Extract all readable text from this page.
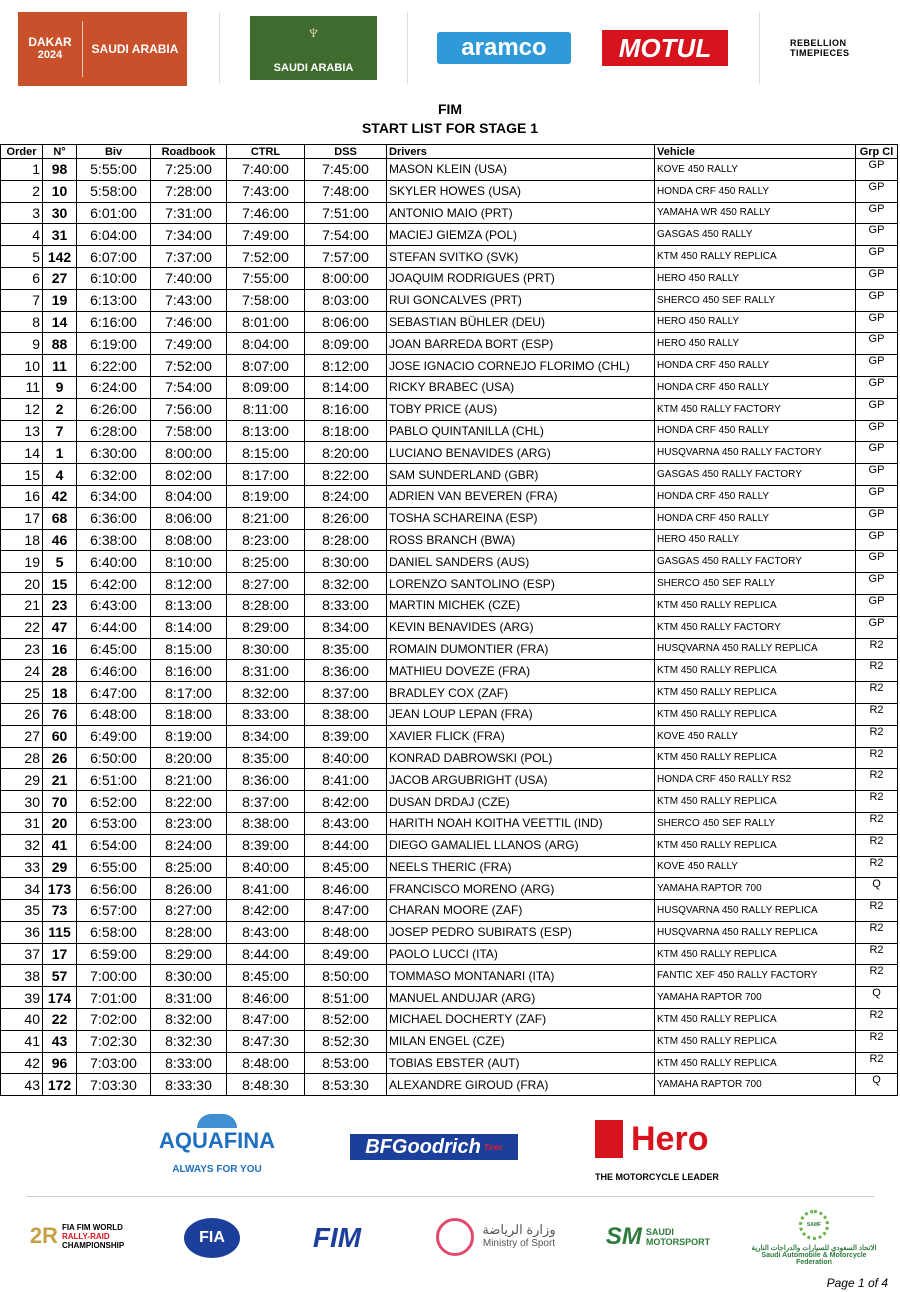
DAKAR
2024	SAUDI ARABIA
♆
SAUDI ARABIA
aramco	MOTUL	REBELLION TIMEPIECES
FIM
START LIST FOR STAGE 1
Order	N°	Biv	Roadbook	CTRL	DSS	Drivers	Vehicle	Grp Cl
1	98	5:55:00	7:25:00	7:40:00	7:45:00	MASON KLEIN (USA)	KOVE 450 RALLY	GP
2	10	5:58:00	7:28:00	7:43:00	7:48:00	SKYLER HOWES (USA)	HONDA CRF 450 RALLY	GP
3	30	6:01:00	7:31:00	7:46:00	7:51:00	ANTONIO MAIO (PRT)	YAMAHA WR 450 RALLY	GP
4	31	6:04:00	7:34:00	7:49:00	7:54:00	MACIEJ GIEMZA (POL)	GASGAS 450 RALLY	GP
5	142	6:07:00	7:37:00	7:52:00	7:57:00	STEFAN SVITKO (SVK)	KTM 450 RALLY REPLICA	GP
6	27	6:10:00	7:40:00	7:55:00	8:00:00	JOAQUIM RODRIGUES (PRT)	HERO 450 RALLY	GP
7	19	6:13:00	7:43:00	7:58:00	8:03:00	RUI GONCALVES (PRT)	SHERCO 450 SEF RALLY	GP
8	14	6:16:00	7:46:00	8:01:00	8:06:00	SEBASTIAN BÜHLER (DEU)	HERO 450 RALLY	GP
9	88	6:19:00	7:49:00	8:04:00	8:09:00	JOAN BARREDA BORT (ESP)	HERO 450 RALLY	GP
10	11	6:22:00	7:52:00	8:07:00	8:12:00	JOSE IGNACIO CORNEJO FLORIMO (CHL)	HONDA CRF 450 RALLY	GP
11	9	6:24:00	7:54:00	8:09:00	8:14:00	RICKY BRABEC (USA)	HONDA CRF 450 RALLY	GP
12	2	6:26:00	7:56:00	8:11:00	8:16:00	TOBY PRICE (AUS)	KTM 450 RALLY FACTORY	GP
13	7	6:28:00	7:58:00	8:13:00	8:18:00	PABLO QUINTANILLA (CHL)	HONDA CRF 450 RALLY	GP
14	1	6:30:00	8:00:00	8:15:00	8:20:00	LUCIANO BENAVIDES (ARG)	HUSQVARNA 450 RALLY FACTORY	GP
15	4	6:32:00	8:02:00	8:17:00	8:22:00	SAM SUNDERLAND (GBR)	GASGAS 450 RALLY FACTORY	GP
16	42	6:34:00	8:04:00	8:19:00	8:24:00	ADRIEN VAN BEVEREN (FRA)	HONDA CRF 450 RALLY	GP
17	68	6:36:00	8:06:00	8:21:00	8:26:00	TOSHA SCHAREINA (ESP)	HONDA CRF 450 RALLY	GP
18	46	6:38:00	8:08:00	8:23:00	8:28:00	ROSS BRANCH (BWA)	HERO 450 RALLY	GP
19	5	6:40:00	8:10:00	8:25:00	8:30:00	DANIEL SANDERS (AUS)	GASGAS 450 RALLY FACTORY	GP
20	15	6:42:00	8:12:00	8:27:00	8:32:00	LORENZO SANTOLINO (ESP)	SHERCO 450 SEF RALLY	GP
21	23	6:43:00	8:13:00	8:28:00	8:33:00	MARTIN MICHEK (CZE)	KTM 450 RALLY REPLICA	GP
22	47	6:44:00	8:14:00	8:29:00	8:34:00	KEVIN BENAVIDES (ARG)	KTM 450 RALLY FACTORY	GP
23	16	6:45:00	8:15:00	8:30:00	8:35:00	ROMAIN DUMONTIER (FRA)	HUSQVARNA 450 RALLY REPLICA	R2
24	28	6:46:00	8:16:00	8:31:00	8:36:00	MATHIEU DOVEZE (FRA)	KTM 450 RALLY REPLICA	R2
25	18	6:47:00	8:17:00	8:32:00	8:37:00	BRADLEY COX (ZAF)	KTM 450 RALLY REPLICA	R2
26	76	6:48:00	8:18:00	8:33:00	8:38:00	JEAN LOUP LEPAN (FRA)	KTM 450 RALLY REPLICA	R2
27	60	6:49:00	8:19:00	8:34:00	8:39:00	XAVIER FLICK (FRA)	KOVE 450 RALLY	R2
28	26	6:50:00	8:20:00	8:35:00	8:40:00	KONRAD DABROWSKI (POL)	KTM 450 RALLY REPLICA	R2
29	21	6:51:00	8:21:00	8:36:00	8:41:00	JACOB ARGUBRIGHT (USA)	HONDA CRF 450 RALLY RS2	R2
30	70	6:52:00	8:22:00	8:37:00	8:42:00	DUSAN DRDAJ (CZE)	KTM 450 RALLY REPLICA	R2
31	20	6:53:00	8:23:00	8:38:00	8:43:00	HARITH NOAH KOITHA VEETTIL (IND)	SHERCO 450 SEF RALLY	R2
32	41	6:54:00	8:24:00	8:39:00	8:44:00	DIEGO GAMALIEL LLANOS (ARG)	KTM 450 RALLY REPLICA	R2
33	29	6:55:00	8:25:00	8:40:00	8:45:00	NEELS THERIC (FRA)	KOVE 450 RALLY	R2
34	173	6:56:00	8:26:00	8:41:00	8:46:00	FRANCISCO MORENO (ARG)	YAMAHA RAPTOR 700	Q
35	73	6:57:00	8:27:00	8:42:00	8:47:00	CHARAN MOORE (ZAF)	HUSQVARNA 450 RALLY REPLICA	R2
36	115	6:58:00	8:28:00	8:43:00	8:48:00	JOSEP PEDRO SUBIRATS (ESP)	HUSQVARNA 450 RALLY REPLICA	R2
37	17	6:59:00	8:29:00	8:44:00	8:49:00	PAOLO LUCCI (ITA)	KTM 450 RALLY REPLICA	R2
38	57	7:00:00	8:30:00	8:45:00	8:50:00	TOMMASO MONTANARI (ITA)	FANTIC XEF 450 RALLY FACTORY	R2
39	174	7:01:00	8:31:00	8:46:00	8:51:00	MANUEL ANDUJAR (ARG)	YAMAHA RAPTOR 700	Q
40	22	7:02:00	8:32:00	8:47:00	8:52:00	MICHAEL DOCHERTY (ZAF)	KTM 450 RALLY REPLICA	R2
41	43	7:02:30	8:32:30	8:47:30	8:52:30	MILAN ENGEL (CZE)	KTM 450 RALLY REPLICA	R2
42	96	7:03:00	8:33:00	8:48:00	8:53:00	TOBIAS EBSTER (AUT)	KTM 450 RALLY REPLICA	R2
43	172	7:03:30	8:33:30	8:48:30	8:53:30	ALEXANDRE GIROUD (FRA)	YAMAHA RAPTOR 700	Q
AQUAFINA
ALWAYS FOR YOU
BFGoodrich Tires	Hero
THE MOTORCYCLE LEADER
2R FIA FIM WORLD
RALLY-RAID
CHAMPIONSHIP	FIA	FIM	وزارة الرياضة
Ministry of Sport SM SAUDI
MOTORSPORT
SAMF
الاتحاد السعودي للسيارات والدراجات النارية
Saudi Automobile & Motorcycle Federation
Page 1 of 4
